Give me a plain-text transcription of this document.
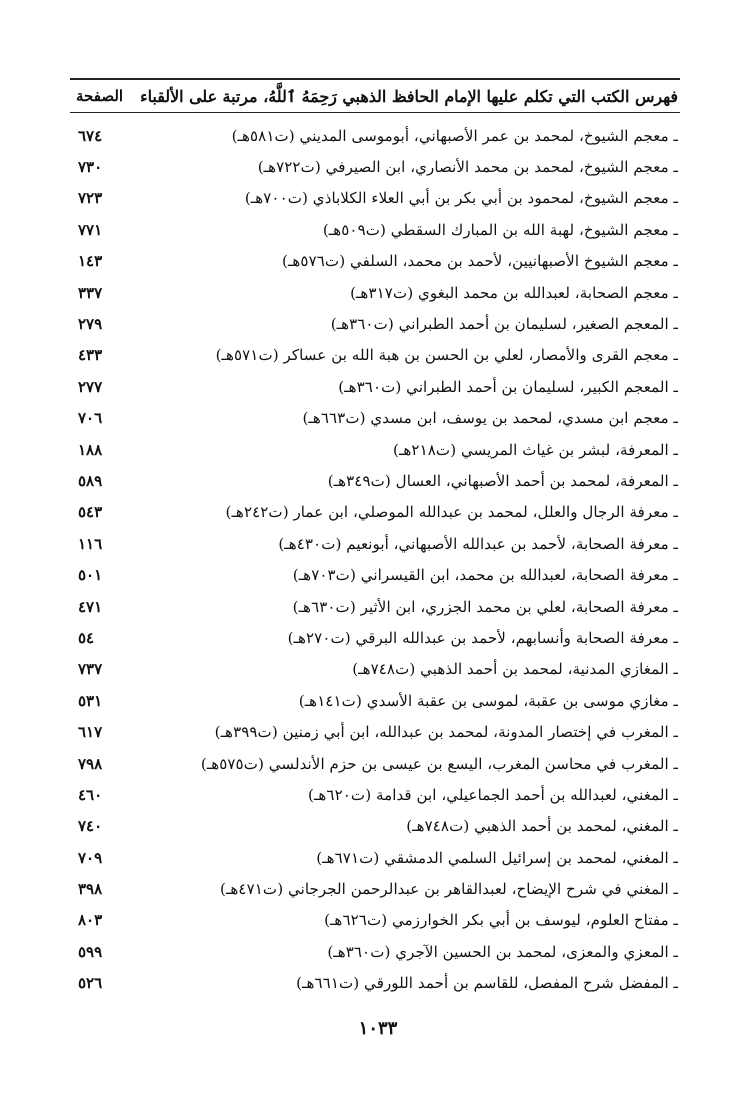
فهرس الكتب التي تكلم عليها الإمام الحافظ الذهبي رَحِمَهُ ٱللَّهُ، مرتبة على الألقباء
الصفحة
ـ معجم الشيوخ، لمحمد بن عمر الأصبهاني، أبوموسى المديني (ت٥٨١هـ)
٦٧٤
ـ معجم الشيوخ، لمحمد بن محمد الأنصاري، ابن الصيرفي (ت٧٢٢هـ)
٧٣٠
ـ معجم الشيوخ، لمحمود بن أبي بكر بن أبي العلاء الكلاباذي (ت٧٠٠هـ)
٧٢٣
ـ معجم الشيوخ، لهبة الله بن المبارك السقطي (ت٥٠٩هـ)
٧٧١
ـ معجم الشيوخ الأصبهانيين، لأحمد بن محمد، السلفي (ت٥٧٦هـ)
١٤٣
ـ معجم الصحابة، لعبدالله بن محمد البغوي (ت٣١٧هـ)
٣٣٧
ـ المعجم الصغير، لسليمان بن أحمد الطبراني (ت٣٦٠هـ)
٢٧٩
ـ معجم القرى والأمصار، لعلي بن الحسن بن هبة الله بن عساكر (ت٥٧١هـ)
٤٣٣
ـ المعجم الكبير، لسليمان بن أحمد الطبراني (ت٣٦٠هـ)
٢٧٧
ـ معجم ابن مسدي، لمحمد بن يوسف، ابن مسدي (ت٦٦٣هـ)
٧٠٦
ـ المعرفة، لبشر بن غياث المريسي (ت٢١٨هـ)
١٨٨
ـ المعرفة، لمحمد بن أحمد الأصبهاني، العسال (ت٣٤٩هـ)
٥٨٩
ـ معرفة الرجال والعلل، لمحمد بن عبدالله الموصلي، ابن عمار (ت٢٤٢هـ)
٥٤٣
ـ معرفة الصحابة، لأحمد بن عبدالله الأصبهاني، أبونعيم (ت٤٣٠هـ)
١١٦
ـ معرفة الصحابة، لعبدالله بن محمد، ابن القيسراني (ت٧٠٣هـ)
٥٠١
ـ معرفة الصحابة، لعلي بن محمد الجزري، ابن الأثير (ت٦٣٠هـ)
٤٧١
ـ معرفة الصحابة وأنسابهم، لأحمد بن عبدالله البرقي (ت٢٧٠هـ)
٥٤
ـ المغازي المدنية، لمحمد بن أحمد الذهبي (ت٧٤٨هـ)
٧٣٧
ـ مغازي موسى بن عقبة، لموسى بن عقبة الأسدي (ت١٤١هـ)
٥٣١
ـ المغرب في إختصار المدونة، لمحمد بن عبدالله، ابن أبي زمنين (ت٣٩٩هـ)
٦١٧
ـ المغرب في محاسن المغرب، اليسع بن عيسى بن حزم الأندلسي (ت٥٧٥هـ)
٧٩٨
ـ المغني، لعبدالله بن أحمد الجماعيلي، ابن قدامة (ت٦٢٠هـ)
٤٦٠
ـ المغني، لمحمد بن أحمد الذهبي (ت٧٤٨هـ)
٧٤٠
ـ المغني، لمحمد بن إسرائيل السلمي الدمشقي (ت٦٧١هـ)
٧٠٩
ـ المغني في شرح الإيضاح، لعبدالقاهر بن عبدالرحمن الجرجاني (ت٤٧١هـ)
٣٩٨
ـ مفتاح العلوم، ليوسف بن أبي بكر الخوارزمي (ت٦٢٦هـ)
٨٠٣
ـ المعزي والمعزى، لمحمد بن الحسين الآجري (ت٣٦٠هـ)
٥٩٩
ـ المفضل شرح المفصل، للقاسم بن أحمد اللورقي (ت٦٦١هـ)
٥٢٦
١٠٣٣
